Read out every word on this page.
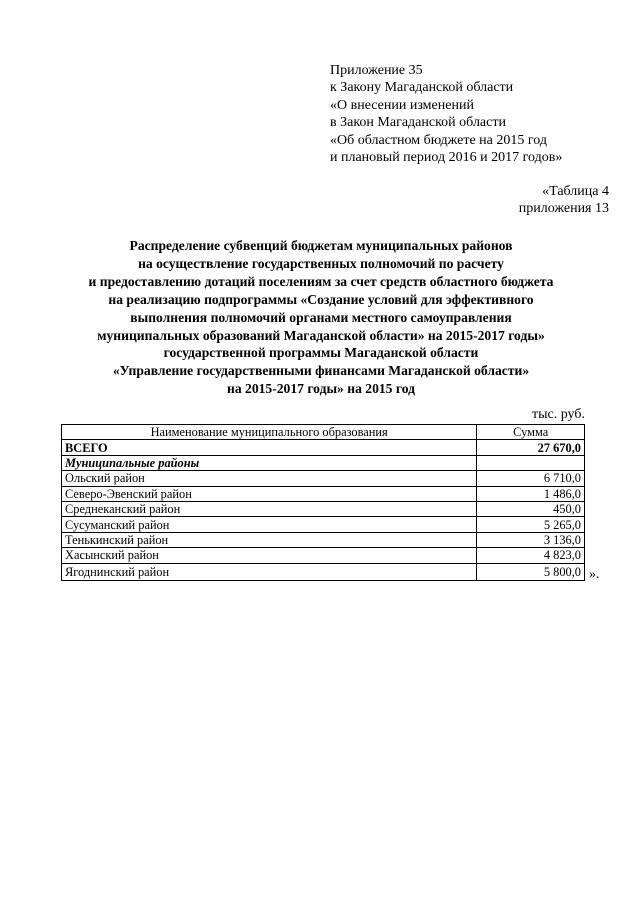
Приложение 35
к Закону Магаданской области
«О внесении изменений
в Закон Магаданской области
«Об областном бюджете на 2015 год
и плановый период 2016 и 2017 годов»
«Таблица 4
приложения 13
Распределение субвенций бюджетам муниципальных районов
на осуществление государственных полномочий по расчету
и предоставлению дотаций поселениям за счет средств областного бюджета
на реализацию подпрограммы «Создание условий для эффективного
выполнения полномочий органами местного самоуправления
муниципальных образований Магаданской области» на 2015-2017 годы»
государственной программы Магаданской области
«Управление государственными финансами Магаданской области»
на 2015-2017 годы» на 2015 год
тыс. руб.
Наименование муниципального образования	Сумма
ВСЕГО	27 670,0
Муниципальные районы	
Ольский район	6 710,0
Северо-Эвенский район	1 486,0
Среднеканский район	450,0
Сусуманский район	5 265,0
Тенькинский район	3 136,0
Хасынский район	4 823,0
Ягоднинский район	5 800,0 ».
